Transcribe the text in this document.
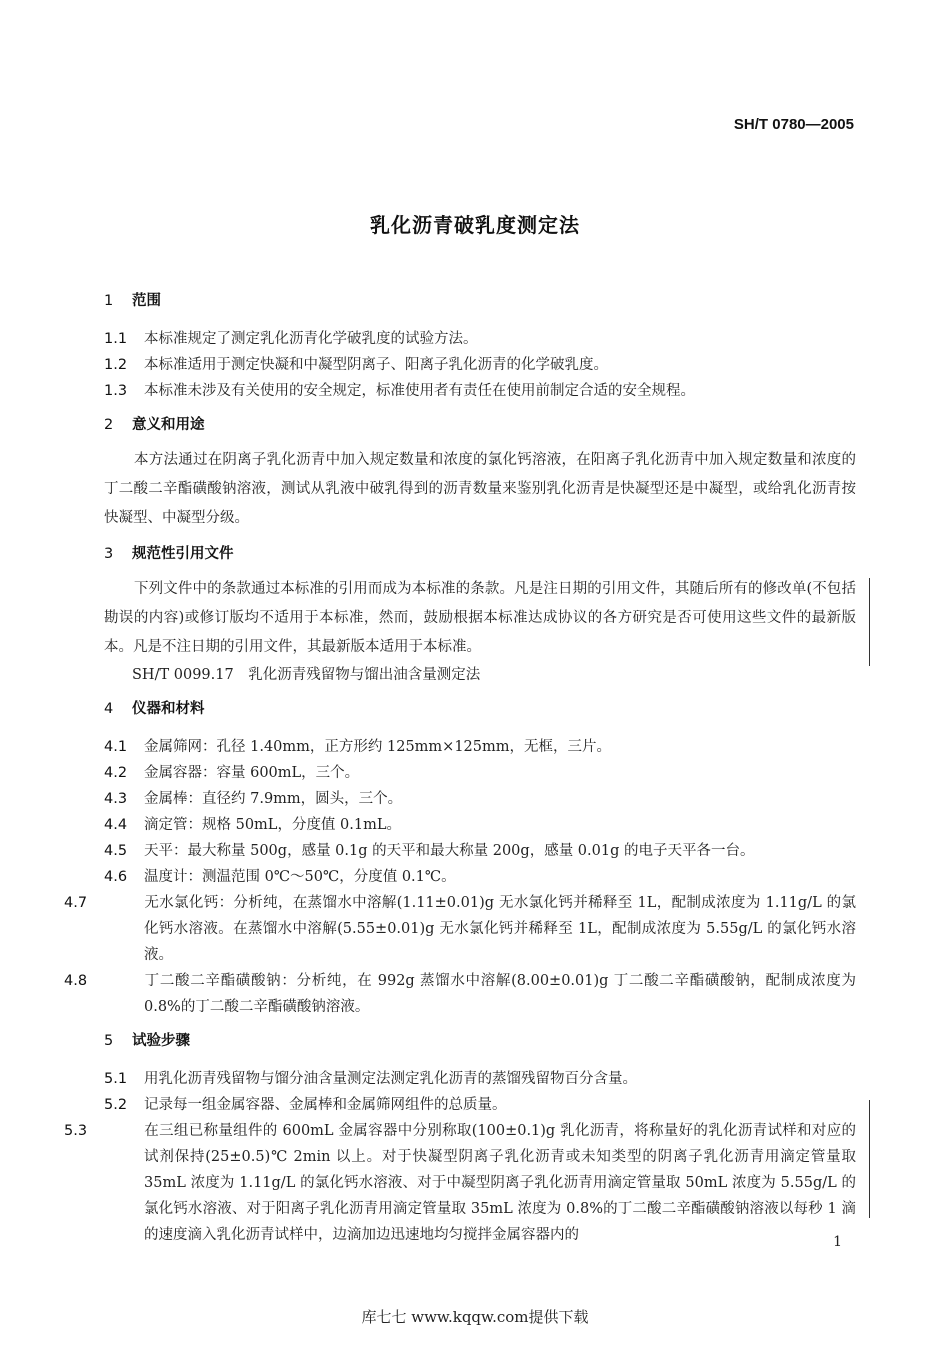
SH/T 0780—2005
乳化沥青破乳度测定法

1 范围

1.1 本标准规定了测定乳化沥青化学破乳度的试验方法。

1.2 本标准适用于测定快凝和中凝型阴离子、阳离子乳化沥青的化学破乳度。

1.3 本标准未涉及有关使用的安全规定，标准使用者有责任在使用前制定合适的安全规程。

2 意义和用途

本方法通过在阴离子乳化沥青中加入规定数量和浓度的氯化钙溶液，在阳离子乳化沥青中加入规定数量和浓度的丁二酸二辛酯磺酸钠溶液，测试从乳液中破乳得到的沥青数量来鉴别乳化沥青是快凝型还是中凝型，或给乳化沥青按快凝型、中凝型分级。

3 规范性引用文件

下列文件中的条款通过本标准的引用而成为本标准的条款。凡是注日期的引用文件，其随后所有的修改单(不包括勘误的内容)或修订版均不适用于本标准，然而，鼓励根据本标准达成协议的各方研究是否可使用这些文件的最新版本。凡是不注日期的引用文件，其最新版本适用于本标准。

SH/T 0099.17　乳化沥青残留物与馏出油含量测定法

4 仪器和材料

4.1 金属筛网：孔径 1.40mm，正方形约 125mm×125mm，无框，三片。

4.2 金属容器：容量 600mL，三个。

4.3 金属棒：直径约 7.9mm，圆头，三个。

4.4 滴定管：规格 50mL，分度值 0.1mL。

4.5 天平：最大称量 500g，感量 0.1g 的天平和最大称量 200g，感量 0.01g 的电子天平各一台。

4.6 温度计：测温范围 0℃～50℃，分度值 0.1℃。

4.7	无水氯化钙：分析纯，在蒸馏水中溶解(1.11±0.01)g 无水氯化钙并稀释至 1L，配制成浓度为 1.11g/L 的氯化钙水溶液。在蒸馏水中溶解(5.55±0.01)g 无水氯化钙并稀释至 1L，配制成浓度为 5.55g/L 的氯化钙水溶液。

4.8	丁二酸二辛酯磺酸钠：分析纯，在 992g 蒸馏水中溶解(8.00±0.01)g 丁二酸二辛酯磺酸钠，配制成浓度为 0.8%的丁二酸二辛酯磺酸钠溶液。

5 试验步骤

5.1 用乳化沥青残留物与馏分油含量测定法测定乳化沥青的蒸馏残留物百分含量。

5.2 记录每一组金属容器、金属棒和金属筛网组件的总质量。

5.3	在三组已称量组件的 600mL 金属容器中分别称取(100±0.1)g 乳化沥青，将称量好的乳化沥青试样和对应的试剂保持(25±0.5)℃ 2min 以上。对于快凝型阴离子乳化沥青或未知类型的阴离子乳化沥青用滴定管量取 35mL 浓度为 1.11g/L 的氯化钙水溶液、对于中凝型阴离子乳化沥青用滴定管量取 50mL 浓度为 5.55g/L 的氯化钙水溶液、对于阳离子乳化沥青用滴定管量取 35mL 浓度为 0.8%的丁二酸二辛酯磺酸钠溶液以每秒 1 滴的速度滴入乳化沥青试样中，边滴加边迅速地均匀搅拌金属容器内的	1
库七七 www.kqqw.com提供下载
